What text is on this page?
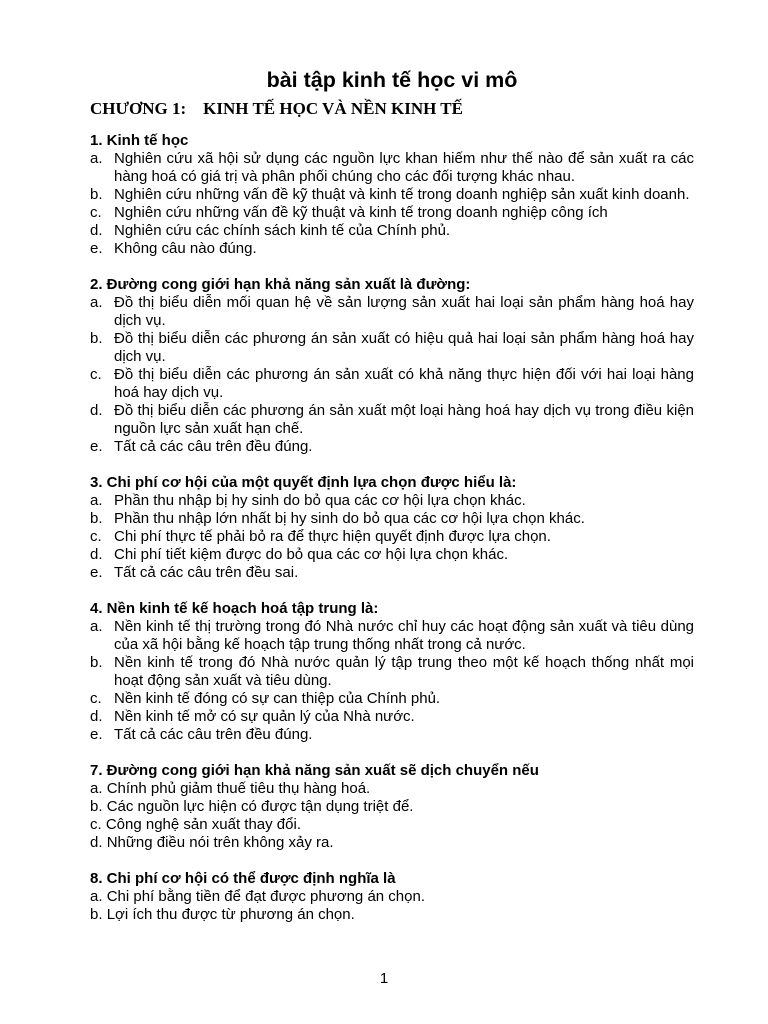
bài tập kinh tế học vi mô
CHƯƠNG 1:    KINH TẾ HỌC VÀ NỀN KINH TẾ
1. Kinh tế học
a. Nghiên cứu xã hội sử dụng các nguồn lực khan hiếm như thế nào để sản xuất ra các hàng hoá có giá trị và phân phối chúng cho các đối tượng khác nhau.
b. Nghiên cứu những vấn đề kỹ thuật và kinh tế trong doanh nghiệp sản xuất kinh doanh.
c. Nghiên cứu những vấn đề kỹ thuật và kinh tế trong doanh nghiệp công ích
d. Nghiên cứu các chính sách kinh tế của Chính phủ.
e. Không câu nào đúng.
2. Đường cong giới hạn khả năng sản xuất là đường:
a. Đồ thị biểu diễn mối quan hệ về sản lượng sản xuất hai loại sản phẩm hàng hoá hay dịch vụ.
b. Đồ thị biểu diễn các phương án sản xuất có hiệu quả hai loại sản phẩm hàng hoá hay dịch vụ.
c. Đồ thị biểu diễn các phương án sản xuất có khả năng thực hiện đối với hai loại hàng hoá hay dịch vụ.
d. Đồ thị biểu diễn các phương án sản xuất một loại hàng hoá hay dịch vụ trong điều kiện nguồn lực sản xuất hạn chế.
e. Tất cả các câu trên đều đúng.
3. Chi phí cơ hội của một quyết định lựa chọn được hiểu là:
a. Phần thu nhập bị hy sinh do bỏ qua các cơ hội lựa chọn khác.
b. Phần thu nhập lớn nhất bị hy sinh do bỏ qua các cơ hội lựa chọn khác.
c. Chi phí thực tế phải bỏ ra để thực hiện quyết định được lựa chọn.
d. Chi phí tiết kiệm được do bỏ qua các cơ hội lựa chọn khác.
e. Tất cả các câu trên đều sai.
4. Nền kinh tế kế hoạch hoá tập trung là:
a. Nền kinh tế thị trường trong đó Nhà nước chỉ huy các hoạt động sản xuất và tiêu dùng của xã hội bằng kế hoạch tập trung thống nhất trong cả nước.
b. Nền kinh tế trong đó Nhà nước quản lý tập trung theo một kế hoạch thống nhất mọi hoạt động sản xuất và tiêu dùng.
c. Nền kinh tế đóng có sự can thiệp của Chính phủ.
d. Nền kinh tế mở có sự quản lý của Nhà nước.
e. Tất cả các câu trên đều đúng.
7. Đường cong giới hạn khả năng sản xuất sẽ dịch chuyển nếu
a. Chính phủ giảm thuế tiêu thụ hàng hoá.
b. Các nguồn lực hiện có được tận dụng triệt để.
c. Công nghệ sản xuất thay đổi.
d. Những điều nói trên không xảy ra.
8. Chi phí cơ hội có thể được định nghĩa là
a. Chi phí bằng tiền để đạt được phương án chọn.
b. Lợi ích thu được từ phương án chọn.
1
